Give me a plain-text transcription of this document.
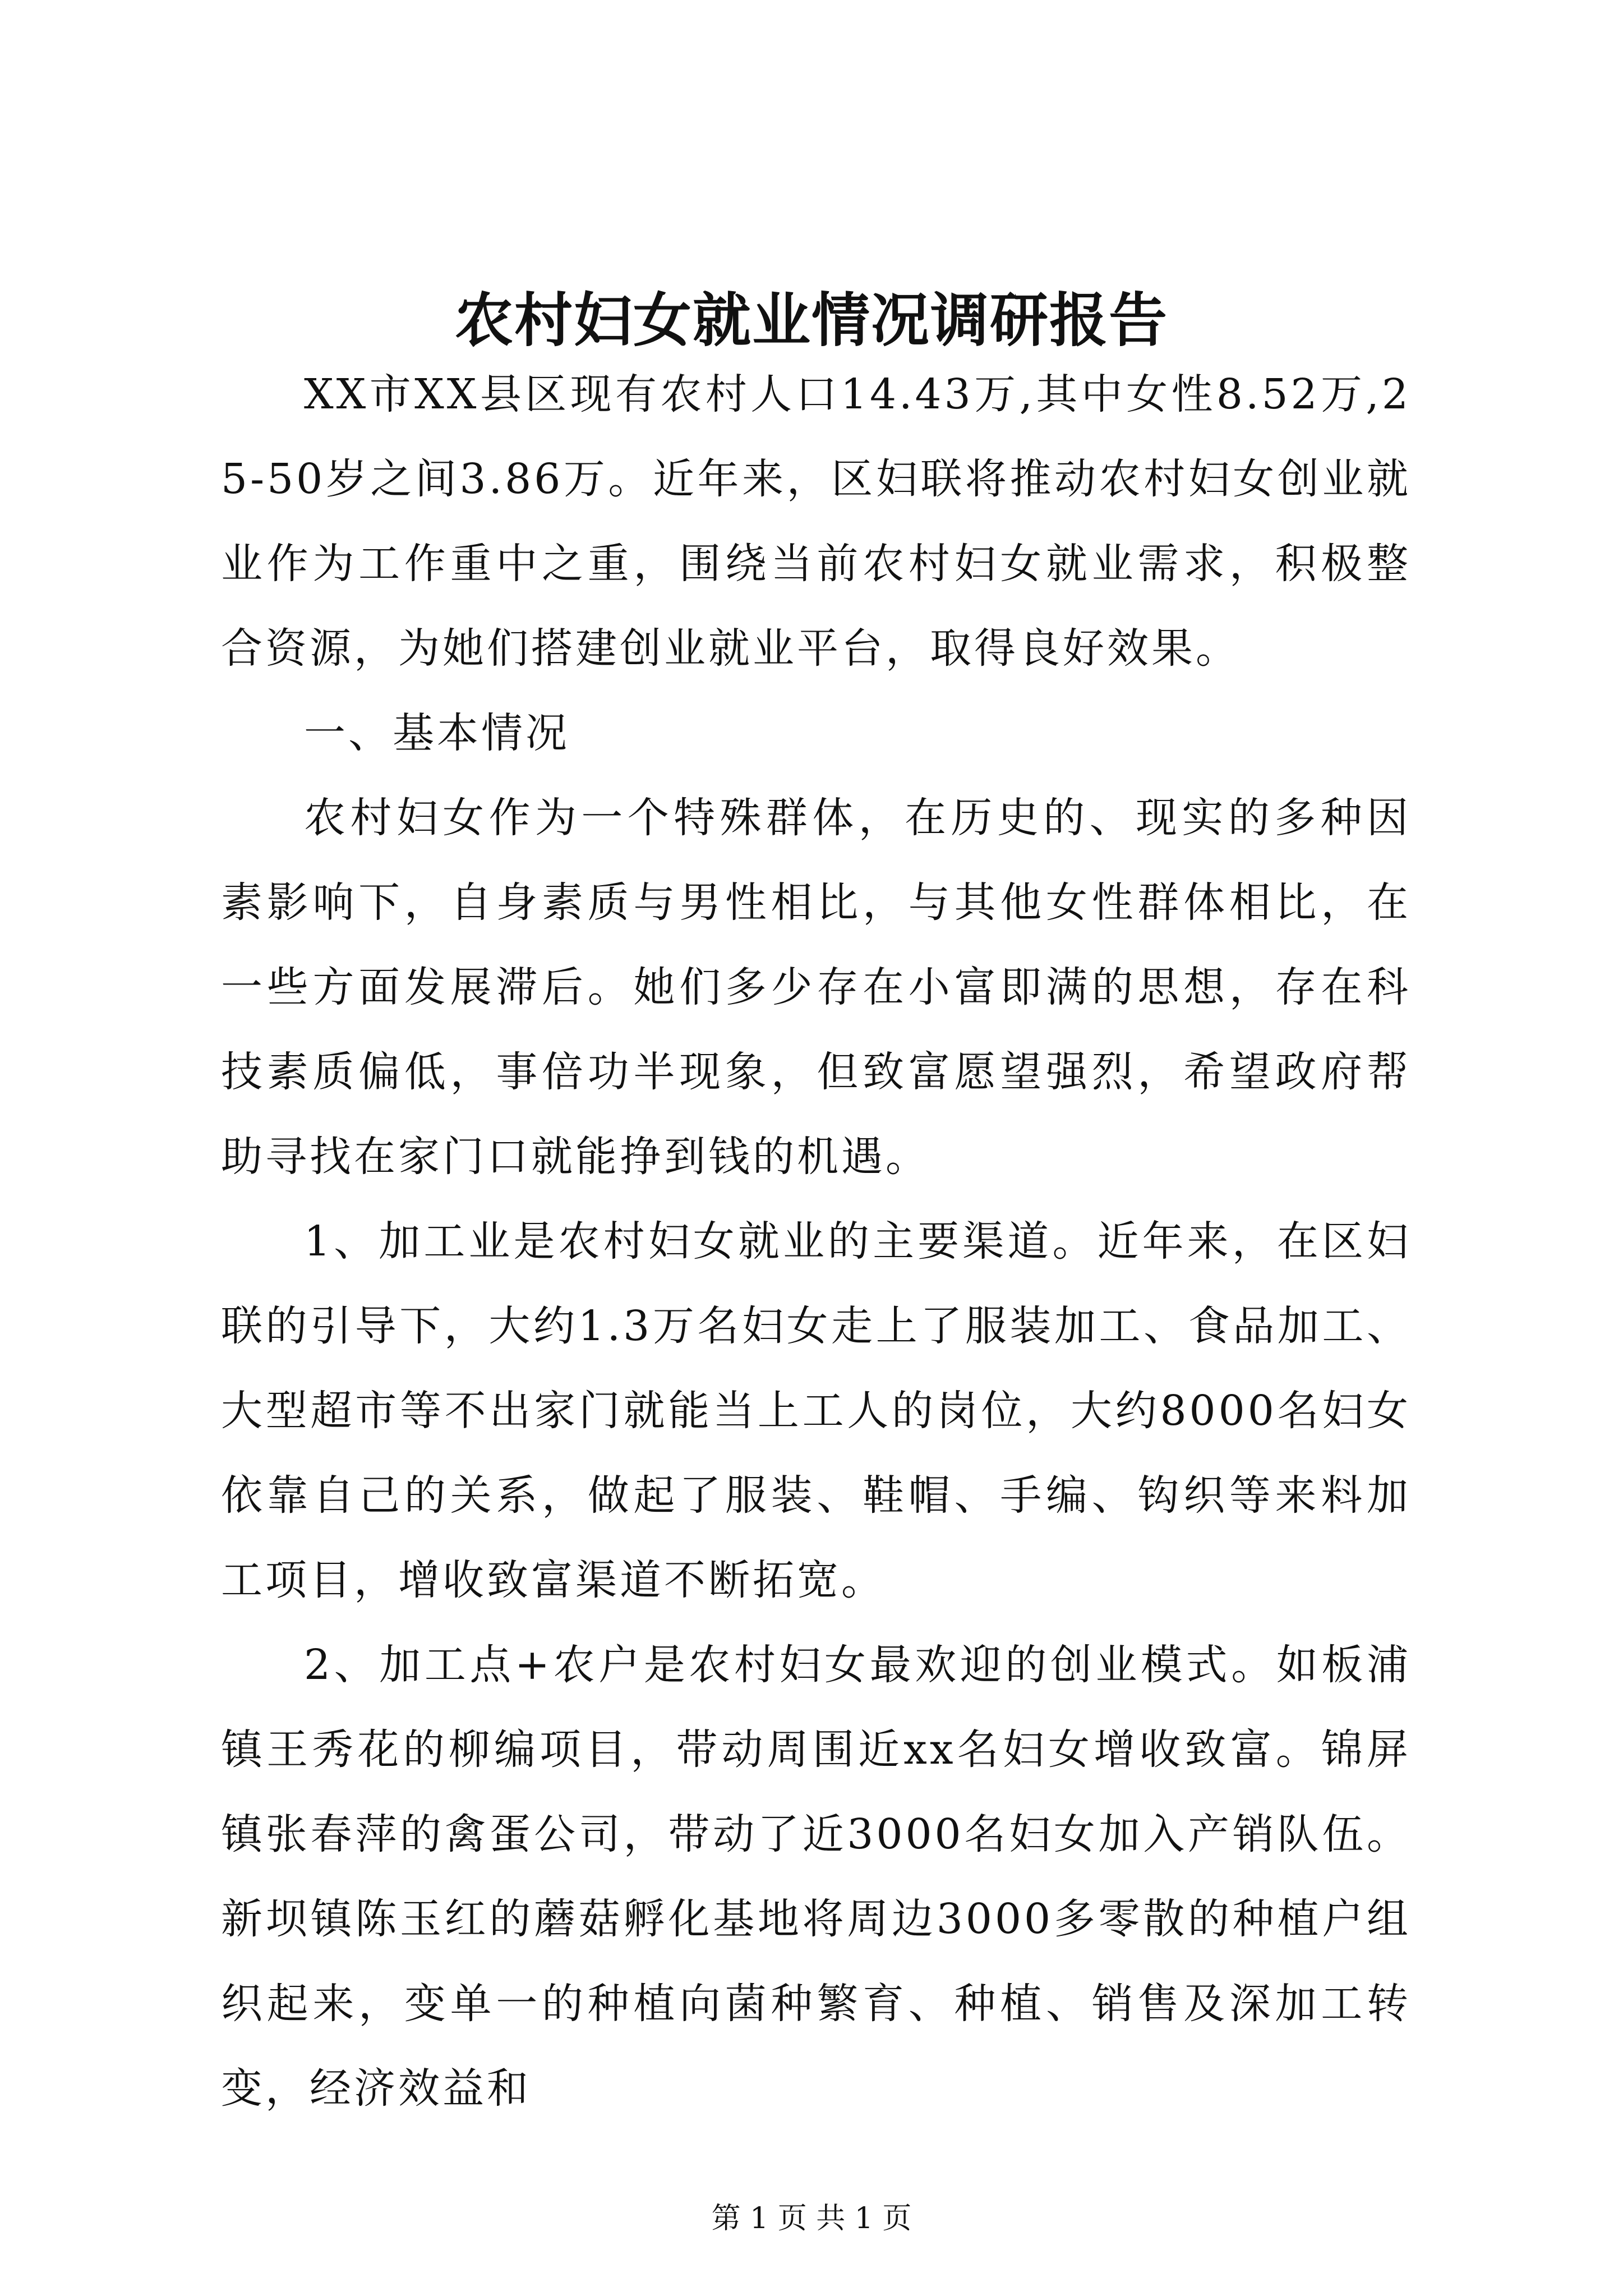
农村妇女就业情况调研报告

XX市XX县区现有农村人口14.43万,其中女性8.52万,25-50岁之间3.86万。近年来，区妇联将推动农村妇女创业就业作为工作重中之重，围绕当前农村妇女就业需求，积极整合资源，为她们搭建创业就业平台，取得良好效果。

一、基本情况

农村妇女作为一个特殊群体，在历史的、现实的多种因素影响下，自身素质与男性相比，与其他女性群体相比，在一些方面发展滞后。她们多少存在小富即满的思想，存在科技素质偏低，事倍功半现象，但致富愿望强烈，希望政府帮助寻找在家门口就能挣到钱的机遇。

1、加工业是农村妇女就业的主要渠道。近年来，在区妇联的引导下，大约1.3万名妇女走上了服装加工、食品加工、大型超市等不出家门就能当上工人的岗位，大约8000名妇女依靠自己的关系，做起了服装、鞋帽、手编、钩织等来料加工项目，增收致富渠道不断拓宽。

2、加工点+农户是农村妇女最欢迎的创业模式。如板浦镇王秀花的柳编项目，带动周围近xx名妇女增收致富。锦屏镇张春萍的禽蛋公司，带动了近3000名妇女加入产销队伍。新坝镇陈玉红的蘑菇孵化基地将周边3000多零散的种植户组织起来，变单一的种植向菌种繁育、种植、销售及深加工转变，经济效益和

第 1 页 共 1 页
